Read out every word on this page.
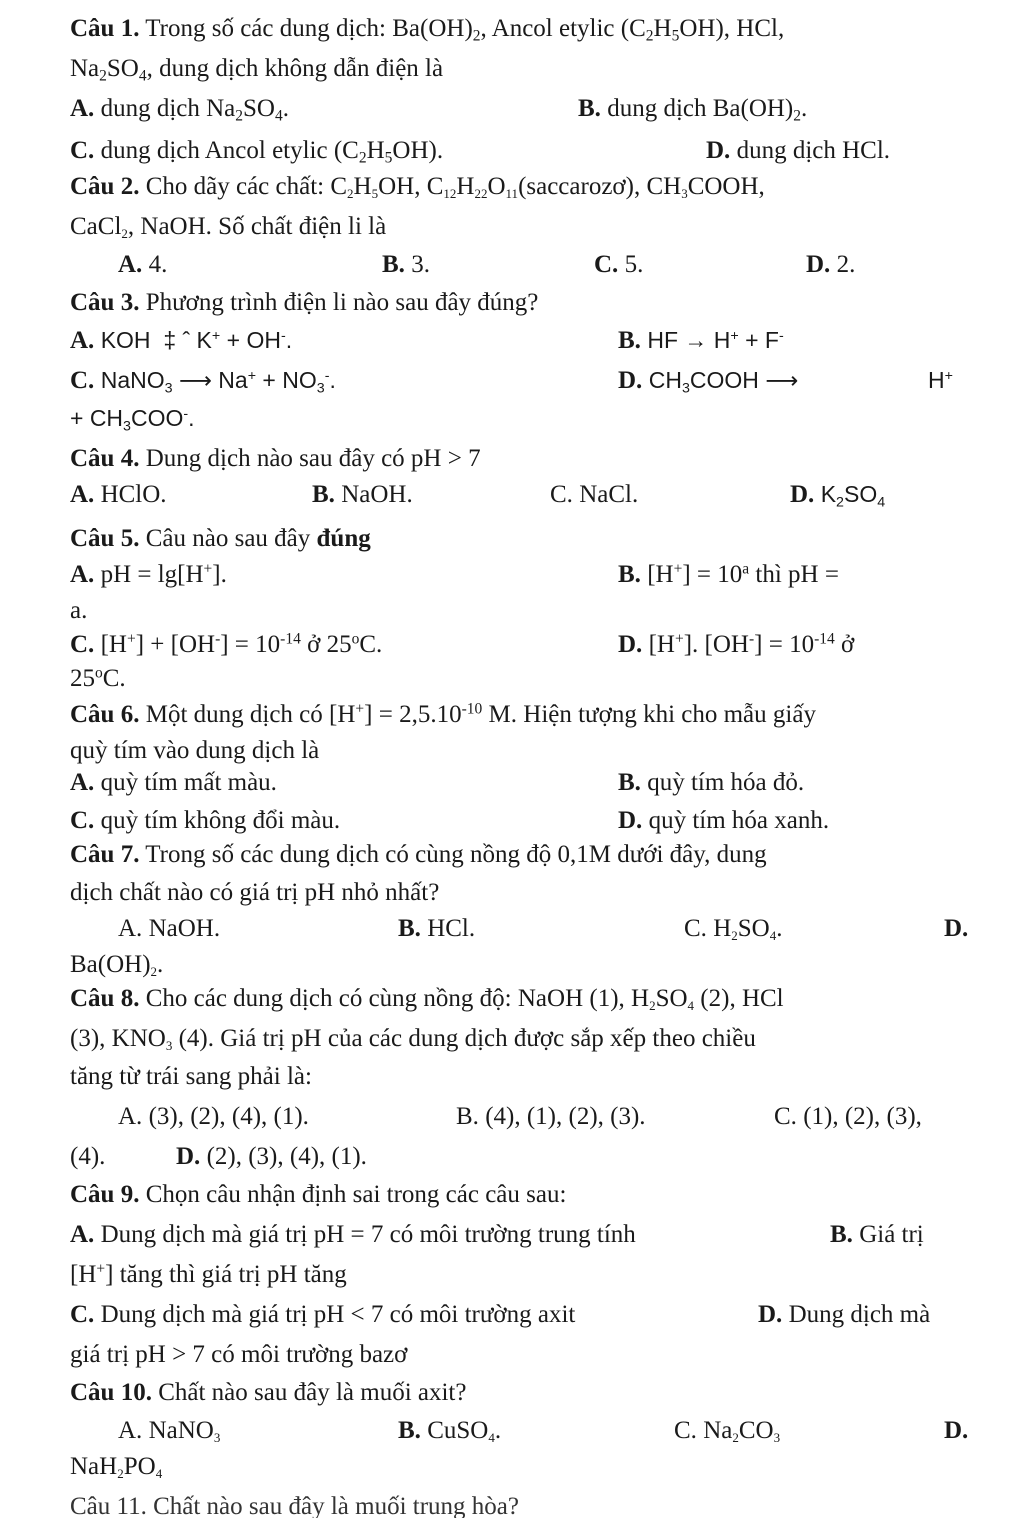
Câu 1. Trong số các dung dịch: $Ba(OH)_2$, Ancol etylic $(C_2H_5OH)$, HCl,
$Na_2SO_4$, dung dịch không dẫn điện là
A. dung dịch $Na_2SO_4$.	B. dung dịch $Ba(OH)_2$.
C. dung dịch Ancol etylic $(C_2H_5OH)$.	D. dung dịch HCl.
Câu 2. Cho dãy các chất: $C_2H_5OH$, $C_{12}H_{22}O_{11}(saccarozơ)$, $CH_3COOH$,
CaCl$_2$, NaOH. Số chất điện li là
A. 4.	B. 3.	C. 5.	D. 2.
Câu 3. Phương trình điện li nào sau đây đúng?
A. KOH ‡ ˆ K+ + OH-.	B. HF → H+ + F-
C. NaNO$_3$ ⟶ $Na^+ + NO_3^-$.	D. $CH_3COOH$ ⟶	H+
+ $CH_3COO^-$.
Câu 4. Dung dịch nào sau đây có pH > 7
A. HClO.	B. NaOH.	C. NaCl.	D. $K_2SO_4$
Câu 5. Câu nào sau đây đúng
A. pH = lg[H+].	B. $[H^+] = 10^a$ thì pH =
a.
C. $[H^+] + [OH^-] = 10^{-14}$ ở 25$^o$C.	D. [H+]. $[OH^-] = 10^{-14}$ ở
25$^o$C.
Câu 6. Một dung dịch có $[H^+] = 2,5.10^{-10}$ M. Hiện tượng khi cho mẫu giấy
quỳ tím vào dung dịch là
A. quỳ tím mất màu.	B. quỳ tím hóa đỏ.
C. quỳ tím không đổi màu.	D. quỳ tím hóa xanh.
Câu 7. Trong số các dung dịch có cùng nồng độ 0,1M dưới đây, dung
dịch chất nào có giá trị pH nhỏ nhất?
A. NaOH.	B. HCl.	C. $H_2SO_4$.	D.
$Ba(OH)_2$.
Câu 8. Cho các dung dịch có cùng nồng độ: NaOH (1), $H_2SO_4$ (2), HCl
(3), $KNO_3$ (4). Giá trị pH của các dung dịch được sắp xếp theo chiều
tăng từ trái sang phải là:
A. (3), (2), (4), (1).	B. (4), (1), (2), (3).	C. (1), (2), (3),
(4).	D. (2), (3), (4), (1).
Câu 9. Chọn câu nhận định sai trong các câu sau:
A. Dung dịch mà giá trị pH = 7 có môi trường trung tính	B. Giá trị
[H+] tăng thì giá trị pH tăng
C. Dung dịch mà giá trị pH < 7 có môi trường axit	D. Dung dịch mà
giá trị pH > 7 có môi trường bazơ
Câu 10. Chất nào sau đây là muối axit?
A. NaNO$_3$	B. CuSO$_4$.	C. $Na_2CO_3$	D.
$NaH_2PO_4$
Câu 11. Chất nào sau đây là muối trung hòa?
